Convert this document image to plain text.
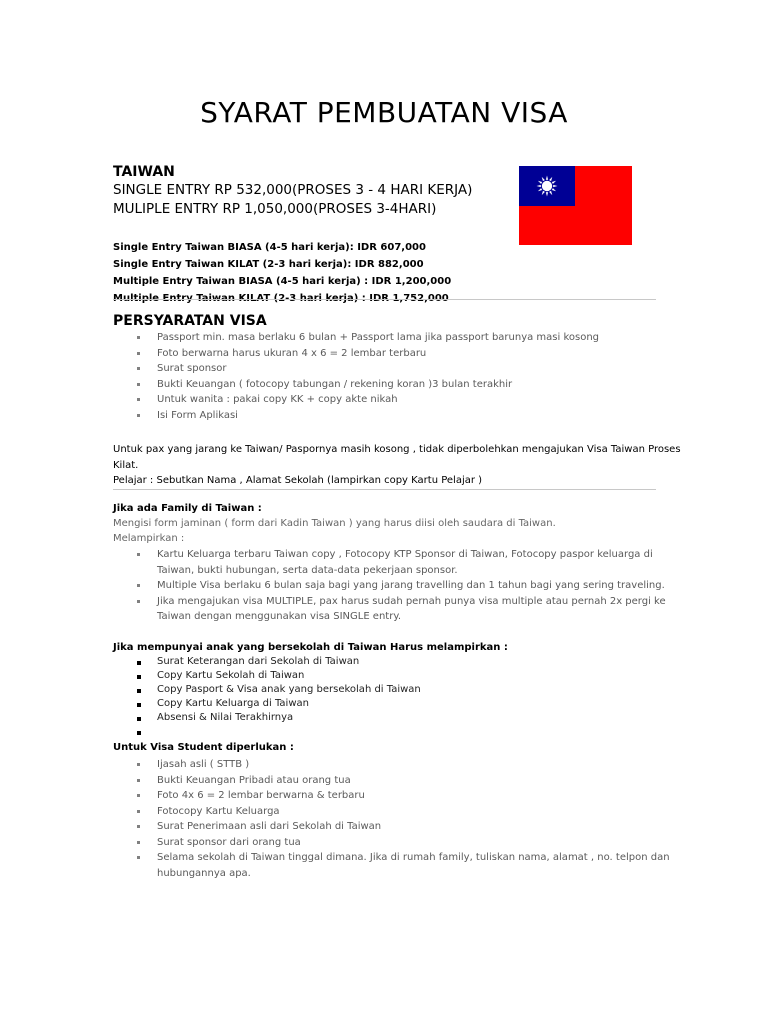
SYARAT PEMBUATAN VISA
TAIWAN

SINGLE ENTRY RP 532,000(PROSES 3 - 4 HARI KERJA)

MULIPLE ENTRY RP 1,050,000(PROSES 3-4HARI)

Single Entry Taiwan BIASA (4-5 hari kerja): IDR 607,000
Single Entry Taiwan KILAT (2-3 hari kerja): IDR 882,000
Multiple Entry Taiwan BIASA (4-5 hari kerja) : IDR 1,200,000
PERSYARATAN VISA
Passport min. masa berlaku 6 bulan + Passport lama jika passport barunya masi kosong
Foto berwarna harus ukuran 4 x 6 = 2 lembar terbaru
Surat sponsor
Bukti Keuangan ( fotocopy tabungan / rekening koran )3 bulan terakhir
Untuk wanita : pakai copy KK + copy akte nikah
Isi Form Aplikasi

Untuk pax yang jarang ke Taiwan/ Paspornya masih kosong , tidak diperbolehkan mengajukan Visa Taiwan Proses

Kilat.

Pelajar : Sebutkan Nama , Alamat Sekolah (lampirkan copy Kartu Pelajar )

Jika ada Family di Taiwan :

Mengisi form jaminan ( form dari Kadin Taiwan ) yang harus diisi oleh saudara di Taiwan.

Melampirkan :

Kartu Keluarga terbaru Taiwan copy , Fotocopy KTP Sponsor di Taiwan, Fotocopy paspor keluarga di
Taiwan, bukti hubungan, serta data-data pekerjaan sponsor.
Multiple Visa berlaku 6 bulan saja bagi yang jarang travelling dan 1 tahun bagi yang sering traveling.
Jika mengajukan visa MULTIPLE, pax harus sudah pernah punya visa multiple atau pernah 2x pergi ke
Taiwan dengan menggunakan visa SINGLE entry.

Jika mempunyai anak yang bersekolah di Taiwan Harus melampirkan :

Surat Keterangan dari Sekolah di Taiwan
Copy Kartu Sekolah di Taiwan
Copy Pasport & Visa anak yang bersekolah di Taiwan
Copy Kartu Keluarga di Taiwan
Absensi & Nilai Terakhirnya

Untuk Visa Student diperlukan :

Ijasah asli ( STTB )
Bukti Keuangan Pribadi atau orang tua
Foto 4x 6 = 2 lembar berwarna & terbaru
Fotocopy Kartu Keluarga
Surat Penerimaan asli dari Sekolah di Taiwan
Surat sponsor dari orang tua
Selama sekolah di Taiwan tinggal dimana. Jika di rumah family, tuliskan nama, alamat , no. telpon dan
hubungannya apa.
